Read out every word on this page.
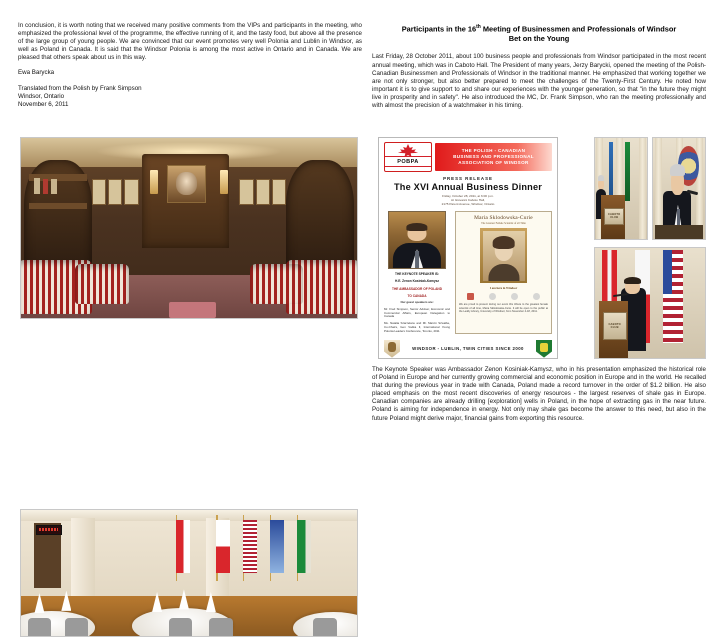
In conclusion, it is worth noting that we received many positive comments from the VIPs and participants in the meeting, who emphasized the professional level of the programme, the effective running of it, and the tasty food, but above all the presence of the large group of young people. We are convinced that our event promotes very well Polonia and Lublin in Windsor, as well as Poland in Canada. It is said that the Windsor Polonia is among the most active in Ontario and in Canada. We are pleased that others speak about us in this way.

Ewa Barycka

Translated from the Polish by Frank Simpson

Windsor, Ontario

November 6, 2011

Participants in the 16th Meeting of Businessmen and Professionals of Windsor
Bet on the Young

Last Friday, 28 October 2011, about 100 business people and professionals from Windsor participated in the most recent annual meeting, which was in Caboto Hall. The President of many years, Jerzy Barycki, opened the meeting of the Polish-Canadian Businessmen and Professionals of Windsor in the traditional manner. He emphasized that working together we are not only stronger, but also better prepared to meet the challenges of the Twenty-First Century. He noted how important it is to give support to and share our experiences with the younger generation, so that "in the future they might live in prosperity and in safety". He also introduced the MC, Dr. Frank Simpson, who ran the meeting professionally and with almost the precision of a watchmaker in his timing.

The Keynote Speaker was Ambassador Zenon Kosiniak-Kamysz, who in his presentation emphasized the historical role of Poland in Europe and her currently growing commercial and economic position in Europe and in the world. He recalled that during the previous year in trade with Canada, Poland made a record turnover in the order of $1.2 billion. He also placed emphasis on the most recent discoveries of energy resources - the largest reserves of shale gas in Europe. Canadian companies are already drilling [exploration] wells in Poland, in the hope of extracting gas in the near future. Poland is aiming for independence in energy. Not only may shale gas become the answer to this need, but also in the future Poland might derive major, financial gains from exporting this resource.

POBPA
THE POLISH - CANADIAN
BUSINESS AND PROFESSIONAL
ASSOCIATION OF WINDSOR
PRESS RELEASE
The XVI Annual Business Dinner
Friday, October 28, 2011, at 6:00 p.m.
At Giovanni Caboto Hall,
2175 Parent Avenue, Windsor, Ontario
THE KEYNOTE SPEAKER IS:
H.E. Zenon Kosiniak-Kamysz
THE AMBASSADOR OF POLAND
TO CANADA
Our guest speakers are:
Mr. Fred Simpson, Senior Adviser, Economic and Commercial Affairs, European Delegation to Canada
Ms. Natalia Szarzelanu and Mr. Marcin Szwalbe, Co-Chairs, Gen Vodka II, International Young Polonia Leaders Conference, Toronto, 2011
Maria Sklodowska-Curie
The Greatest Female Scientist of all Time
I am here in Windsor
We are proud to present during our event this tribute to the greatest female scientist of all time, Maria Sklodowska-Curie. It will be open to the public at the Leddy Library, University of Windsor, from November 4-18, 2011.
WINDSOR - LUBLIN, TWIN CITIES SINCE 2000
CABOTO
CLUB
CABOTO
CLUB
